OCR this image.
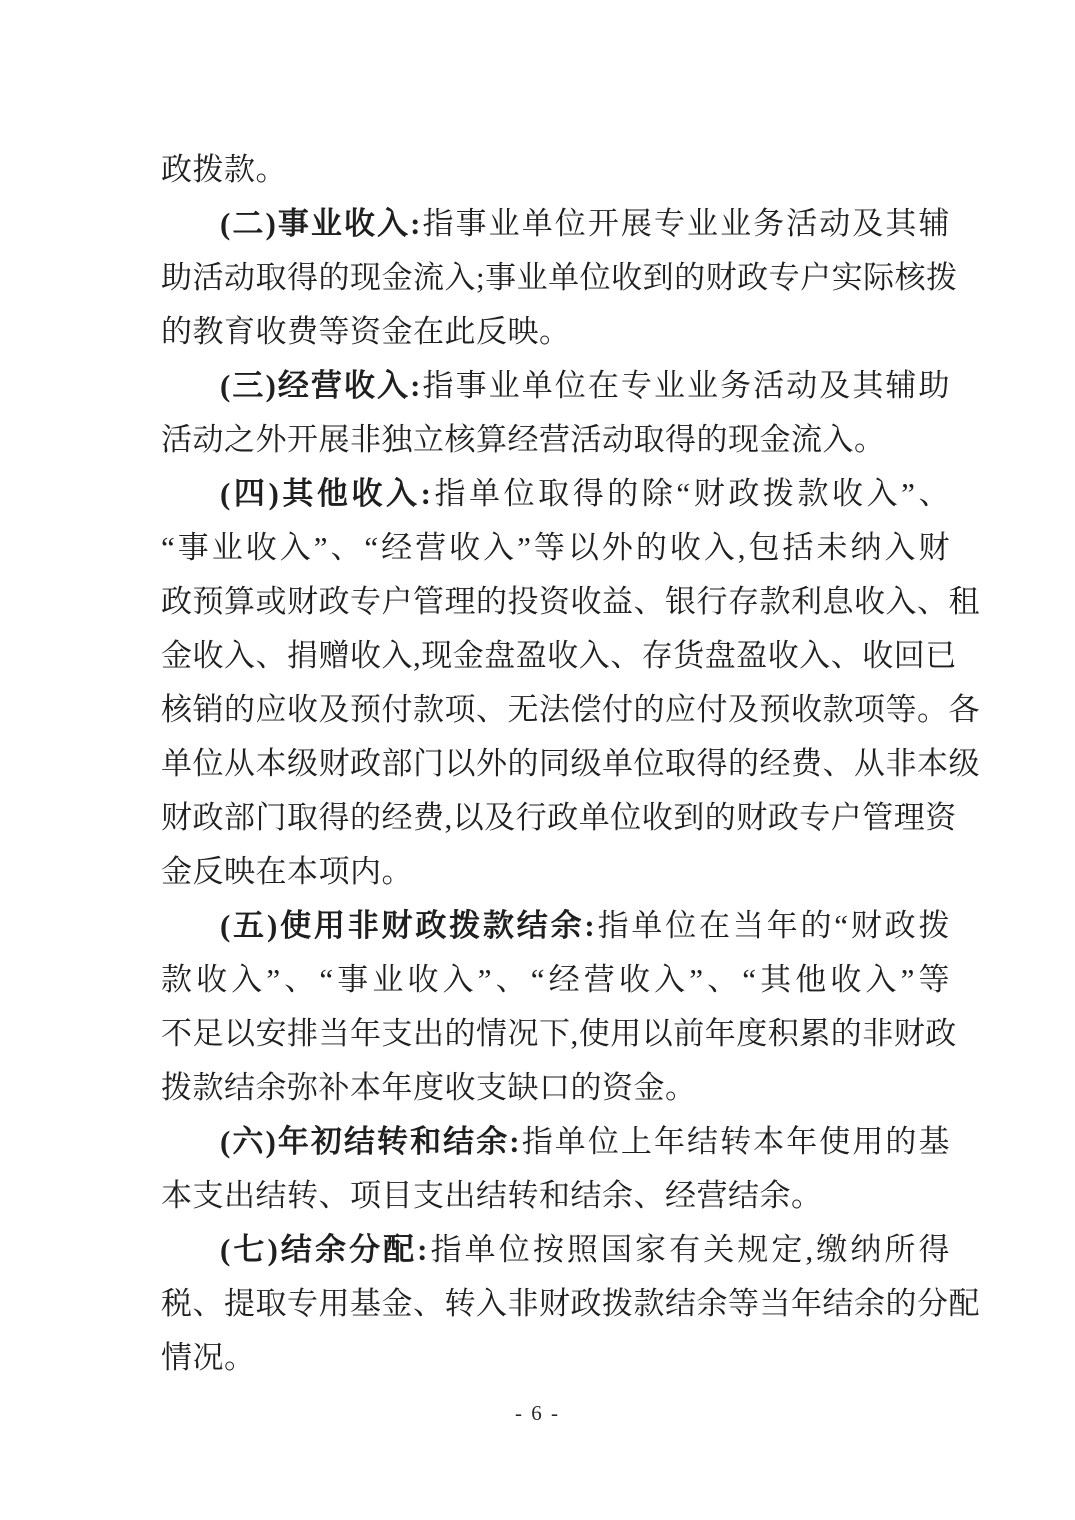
政拨款。
(二)事业收入:指事业单位开展专业业务活动及其辅
助活动取得的现金流入;事业单位收到的财政专户实际核拨
的教育收费等资金在此反映。
(三)经营收入:指事业单位在专业业务活动及其辅助
活动之外开展非独立核算经营活动取得的现金流入。
(四)其他收入:指单位取得的除“财政拨款收入”、
“事业收入”、“经营收入”等以外的收入,包括未纳入财
政预算或财政专户管理的投资收益、银行存款利息收入、租
金收入、捐赠收入,现金盘盈收入、存货盘盈收入、收回已
核销的应收及预付款项、无法偿付的应付及预收款项等。各
单位从本级财政部门以外的同级单位取得的经费、从非本级
财政部门取得的经费,以及行政单位收到的财政专户管理资
金反映在本项内。
(五)使用非财政拨款结余:指单位在当年的“财政拨
款收入”、“事业收入”、“经营收入”、“其他收入”等
不足以安排当年支出的情况下,使用以前年度积累的非财政
拨款结余弥补本年度收支缺口的资金。
(六)年初结转和结余:指单位上年结转本年使用的基
本支出结转、项目支出结转和结余、经营结余。
(七)结余分配:指单位按照国家有关规定,缴纳所得
税、提取专用基金、转入非财政拨款结余等当年结余的分配
情况。
- 6 -
